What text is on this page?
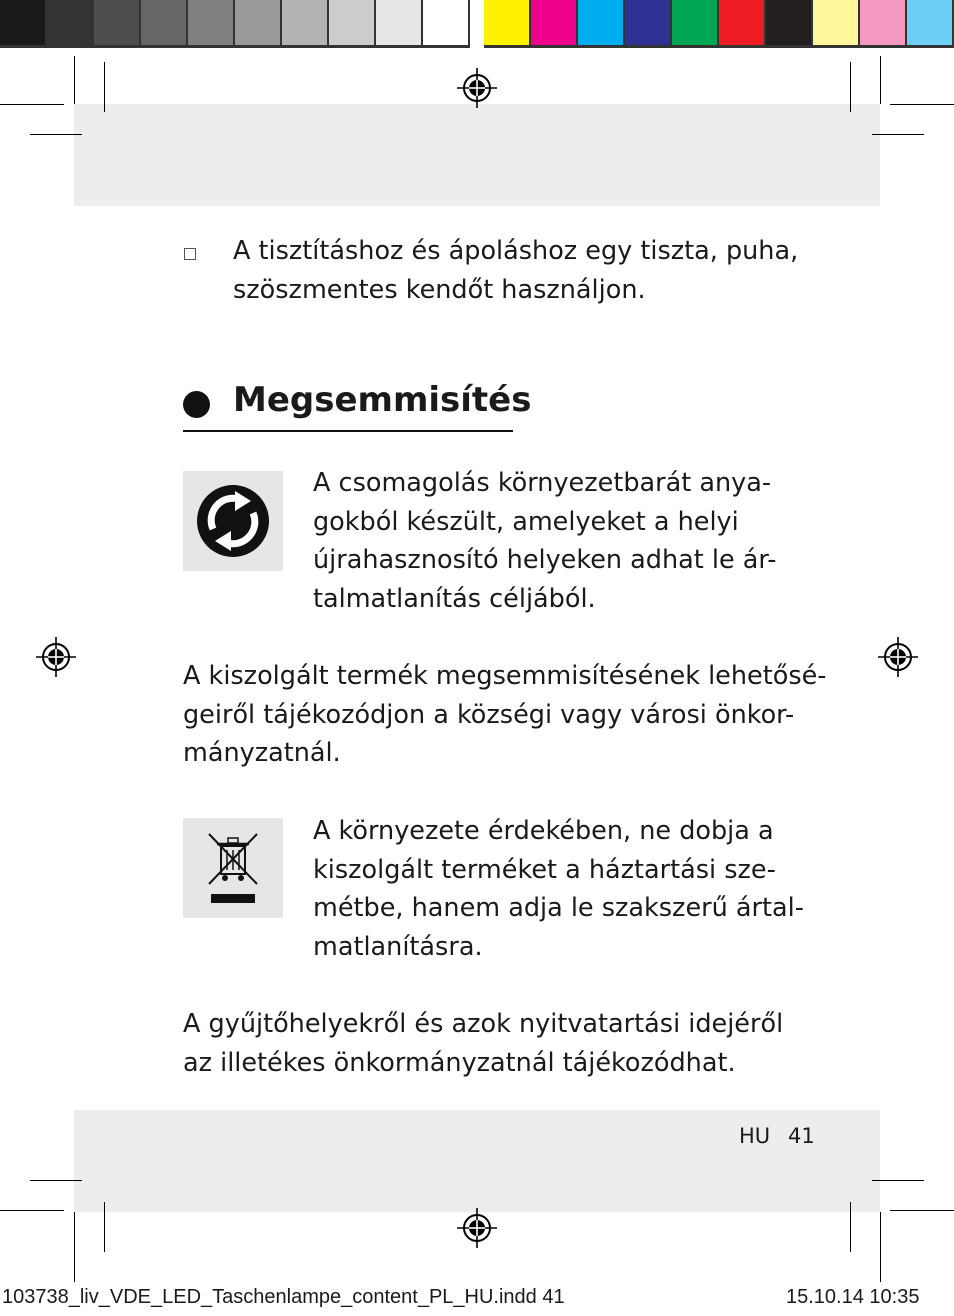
A tisztításhoz és ápoláshoz egy tiszta, puha,
szöszmentes kendőt használjon.
Megsemmisítés
A csomagolás környezetbarát anya-
gokból készült, amelyeket a helyi
újrahasznosító helyeken adhat le ár-
talmatlanítás céljából.
A kiszolgált termék megsemmisítésének lehetősé-
geiről tájékozódjon a községi vagy városi önkor-
mányzatnál.
A környezete érdekében, ne dobja a
kiszolgált terméket a háztartási sze-
métbe, hanem adja le szakszerű ártal-
matlanításra.
A gyűjtőhelyekről és azok nyitvatartási idejéről
az illetékes önkormányzatnál tájékozódhat.
HU 41
103738_liv_VDE_LED_Taschenlampe_content_PL_HU.indd 41	15.10.14 10:35
